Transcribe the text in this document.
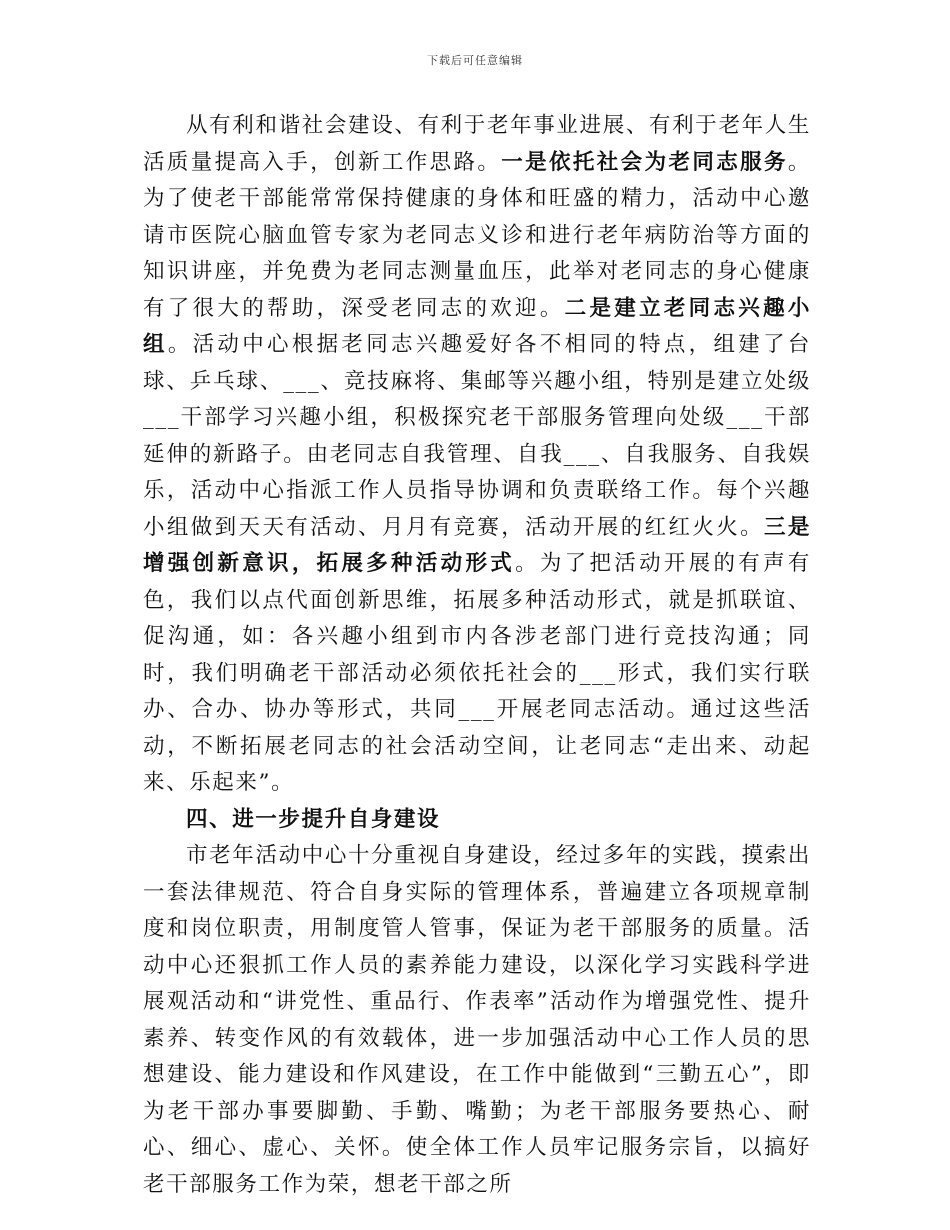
下载后可任意编辑

从有利和谐社会建设、有利于老年事业进展、有利于老年人生活质量提高入手，创新工作思路。一是依托社会为老同志服务。为了使老干部能常常保持健康的身体和旺盛的精力，活动中心邀请市医院心脑血管专家为老同志义诊和进行老年病防治等方面的知识讲座，并免费为老同志测量血压，此举对老同志的身心健康有了很大的帮助，深受老同志的欢迎。二是建立老同志兴趣小组。活动中心根据老同志兴趣爱好各不相同的特点，组建了台球、乒乓球、___、竞技麻将、集邮等兴趣小组，特别是建立处级___干部学习兴趣小组，积极探究老干部服务管理向处级___干部延伸的新路子。由老同志自我管理、自我___、自我服务、自我娱乐，活动中心指派工作人员指导协调和负责联络工作。每个兴趣小组做到天天有活动、月月有竞赛，活动开展的红红火火。三是增强创新意识，拓展多种活动形式。为了把活动开展的有声有色，我们以点代面创新思维，拓展多种活动形式，就是抓联谊、促沟通，如：各兴趣小组到市内各涉老部门进行竞技沟通；同时，我们明确老干部活动必须依托社会的___形式，我们实行联办、合办、协办等形式，共同___开展老同志活动。通过这些活动，不断拓展老同志的社会活动空间，让老同志“走出来、动起来、乐起来”。

四、进一步提升自身建设

市老年活动中心十分重视自身建设，经过多年的实践，摸索出一套法律规范、符合自身实际的管理体系，普遍建立各项规章制度和岗位职责，用制度管人管事，保证为老干部服务的质量。活动中心还狠抓工作人员的素养能力建设，以深化学习实践科学进展观活动和“讲党性、重品行、作表率”活动作为增强党性、提升素养、转变作风的有效载体，进一步加强活动中心工作人员的思想建设、能力建设和作风建设，在工作中能做到“三勤五心”，即为老干部办事要脚勤、手勤、嘴勤；为老干部服务要热心、耐心、细心、虚心、关怀。使全体工作人员牢记服务宗旨，以搞好老干部服务工作为荣，想老干部之所
